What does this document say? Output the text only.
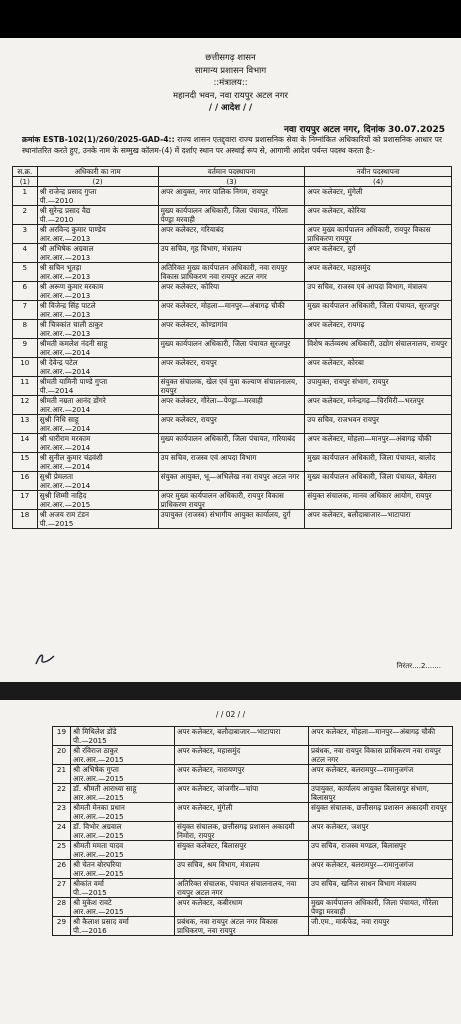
छत्तीसगढ़ शासन
सामान्य प्रशासन विभाग
::मंत्रालय::
महानदी भवन, नवा रायपुर अटल नगर
/ / आदेश / /
नवा रायपुर अटल नगर, दिनांक 30.07.2025
क्रमांक ESTB-102(1)/260/2025-GAD-4:: राज्य शासन एतद्द्वारा राज्य प्रशासनिक सेवा के निम्नांकित अधिकारियों को प्रशासनिक आधार पर स्थानांतरित करते हुए, उनके नाम के सम्मुख कॉलम-(4) में दर्शाए स्थान पर अस्थाई रूप से, आगामी आदेश पर्यन्त पदस्थ करता है:-
स.क्र.	अधिकारी का नाम	वर्तमान पदस्थापना	नवीन पदस्थापना
(1)	(2)	(3)	(4)
1	श्री राजेन्द्र प्रसाद गुप्ता
पी.—2010	अपर आयुक्त, नगर पालिक निगम, रायपुर	अपर कलेक्टर, मुंगेली
2	श्री सुरेन्द्र प्रसाद वैद्य
पी.—2010	मुख्य कार्यपालन अधिकारी, जिला पंचायत, गौरेला पेण्ड्रा मरवाही	अपर कलेक्टर, कोरिया
3	श्री अरविन्द कुमार पाण्डेय
आर.आर.—2013	अपर कलेक्टर, गरियाबंद	अपर मुख्य कार्यपालन अधिकारी, रायपुर विकास प्राधिकरण रायपुर
4	श्री अभिषेक अग्रवाल
आर.आर.—2013	उप सचिव, गृह विभाग, मंत्रालय	अपर कलेक्टर, दुर्ग
5	श्री सचिन भूतड़ा
आर.आर.—2013	अतिरिक्त मुख्य कार्यपालन अधिकारी, नवा रायपुर विकास प्राधिकरण नवा रायपुर अटल नगर	अपर कलेक्टर, महासमुंद
6	श्री अरूण कुमार मरकाम
आर.आर.—2013	अपर कलेक्टर, कोरिया	उप सचिव, राजस्व एवं आपदा विभाग, मंत्रालय
7	श्री विजेन्द्र सिंह पाटले
आर.आर.—2013	अपर कलेक्टर, मोहला—मानपुर—अंबागढ़ चौकी	मुख्य कार्यपालन अधिकारी, जिला पंचायत, सूरजपुर
8	श्री चित्रकांत चाली ठाकुर
आर.आर.—2013	अपर कलेक्टर, कोण्डागांव	अपर कलेक्टर, रायगढ़
9	श्रीमती कमलेश नंदनी साहू
आर.आर.—2014	मुख्य कार्यपालन अधिकारी, जिला पंचायत सूरजपुर	विशेष कर्तव्यस्थ अधिकारी, उद्योग संचालनालय, रायपुर
10	श्री देवेन्द्र पटेल
आर.आर.—2014	अपर कलेक्टर, रायपुर	अपर कलेक्टर, कोरबा
11	श्रीमती यामिनी पाण्डे गुप्ता
पी.—2014	संयुक्त संचालक, खेल एवं युवा कल्याण संचालनालय, रायपुर	उपायुक्त, रायपुर संभाग, रायपुर
12	श्रीमती नम्रता आनंद डोंगरे
आर.आर.—2014	अपर कलेक्टर, गौरेला—पेण्ड्रा—मरवाही	अपर कलेक्टर, मनेन्द्रगढ़—चिरमिरी—भरतपुर
13	सुश्री निधि साहू
आर.आर.—2014	अपर कलेक्टर, रायपुर	उप सचिव, राजभवन रायपुर
14	श्री धारीराम मरकाम
आर.आर.—2014	मुख्य कार्यपालन अधिकारी, जिला पंचायत, गरियाबंद	अपर कलेक्टर, मोहला—मानपुर—अंबागढ़ चौकी
15	श्री सुनील कुमार चंद्रवंशी
आर.आर.—2014	उप सचिव, राजस्व एवं आपदा विभाग	मुख्य कार्यपालन अधिकारी, जिला पंचायत, बालोद
16	सुश्री प्रेमलता
आर.आर.—2014	संयुक्त आयुक्त, भू—अभिलेख नवा रायपुर अटल नगर	मुख्य कार्यपालन अधिकारी, जिला पंचायत, बेमेतरा
17	सुश्री शिम्मी नाहिद
आर.आर.—2015	अपर मुख्य कार्यपालन अधिकारी, रायपुर विकास प्राधिकरण रायपुर	संयुक्त संचालक, मानव अधिकार आयोग, रायपुर
18	श्री अजय राम टंडन
पी.—2015	उपायुक्त (राजस्व) संभागीय आयुक्त कार्यालय, दुर्ग	अपर कलेक्टर, बलौदाबाजार—भाटापारा
निरंतर....2.......
/ / 02 / /
19	श्री मिथिलेश डोंडे
पी.—2015	अपर कलेक्टर, बलौदाबाजार—भाटापारा	अपर कलेक्टर, मोहला—मानपुर—अंबागढ़ चौकी
20	श्री रविराज ठाकुर
आर.आर.—2015	अपर कलेक्टर, महासमुंद	प्रबंधक, नवा रायपुर विकास प्राधिकरण नवा रायपुर अटल नगर
21	श्री अभिषेक गुप्ता
आर.आर.—2015	अपर कलेक्टर, नारायणपुर	अपर कलेक्टर, बलरामपुर—रामानुजगंज
22	डॉ. श्रीमती आराध्या साहू
आर.आर.—2015	अपर कलेक्टर, जांजगीर—चांपा	उपायुक्त, कार्यालय आयुक्त बिलासपुर संभाग, बिलासपुर
23	श्रीमती मेनका प्रधान
आर.आर.—2015	अपर कलेक्टर, मुंगेली	संयुक्त संचालक, छत्तीसगढ़ प्रशासन अकादमी रायपुर
24	डॉ. विभोर अग्रवाल
आर.आर.—2015	संयुक्त संचालक, छत्तीसगढ़ प्रशासन अकादमी निमोरा, रायपुर	अपर कलेक्टर, जशपुर
25	श्रीमती ममता यादव
आर.आर.—2015	संयुक्त कलेक्टर, बिलासपुर	उप सचिव, राजस्व मण्डल, बिलासपुर
26	श्री चेतन बोरघरिया
आर.आर.—2015	उप सचिव, श्रम विभाग, मंत्रालय	अपर कलेक्टर, बलरामपुर—रामानुजगंज
27	श्रीकांत वर्मा
पी.—2015	अतिरिक्त संचालक, पंचायत संचालनालय, नवा रायपुर अटल नगर	उप सचिव, खनिज साधन विभाग मंत्रालय
28	श्री मुकेश रावटे
आर.आर.—2015	अपर कलेक्टर, कबीरधाम	मुख्य कार्यपालन अधिकारी, जिला पंचायत, गौरेला पेण्ड्रा मरवाही
29	श्री कैलाश प्रसाद वर्मा
पी.—2016	प्रबंधक, नवा रायपुर अटल नगर विकास प्राधिकरण, नवा रायपुर	जी.एम., मार्कफेड, नवा रायपुर
